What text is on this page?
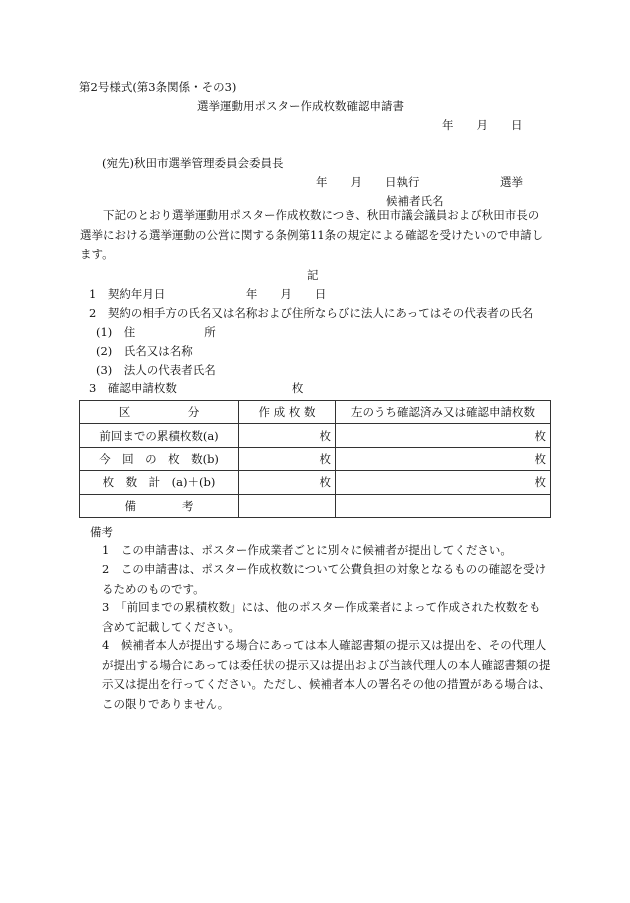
第2号様式(第3条関係・その3)
選挙運動用ポスター作成枚数確認申請書
年　　月　　日
(宛先)秋田市選挙管理委員会委員長
年　　月　　日執行　　　　　　　選挙
候補者氏名
下記のとおり選挙運動用ポスター作成枚数につき、秋田市議会議員および秋田市長の選挙における選挙運動の公営に関する条例第11条の規定による確認を受けたいので申請します。
記
1　契約年月日　　　　　　　年　　月　　日
2　契約の相手方の氏名又は名称および住所ならびに法人にあってはその代表者の氏名
(1)　住　　　　　　所
(2)　氏名又は名称
(3)　法人の代表者氏名
3　確認申請枚数　　　　　　　　　　枚
区　　　　　分	作 成 枚 数	左のうち確認済み又は確認申請枚数
前回までの累積枚数(a)	枚	枚
今　回　の　枚　数(b)	枚	枚
枚　数　計　(a)＋(b)	枚	枚
備　　　　考		
備考
1　この申請書は、ポスター作成業者ごとに別々に候補者が提出してください。
2　この申請書は、ポスター作成枚数について公費負担の対象となるものの確認を受けるためのものです。
3　「前回までの累積枚数」には、他のポスター作成業者によって作成された枚数をも含めて記載してください。
4　候補者本人が提出する場合にあっては本人確認書類の提示又は提出を、その代理人が提出する場合にあっては委任状の提示又は提出および当該代理人の本人確認書類の提示又は提出を行ってください。ただし、候補者本人の署名その他の措置がある場合は、この限りでありません。
